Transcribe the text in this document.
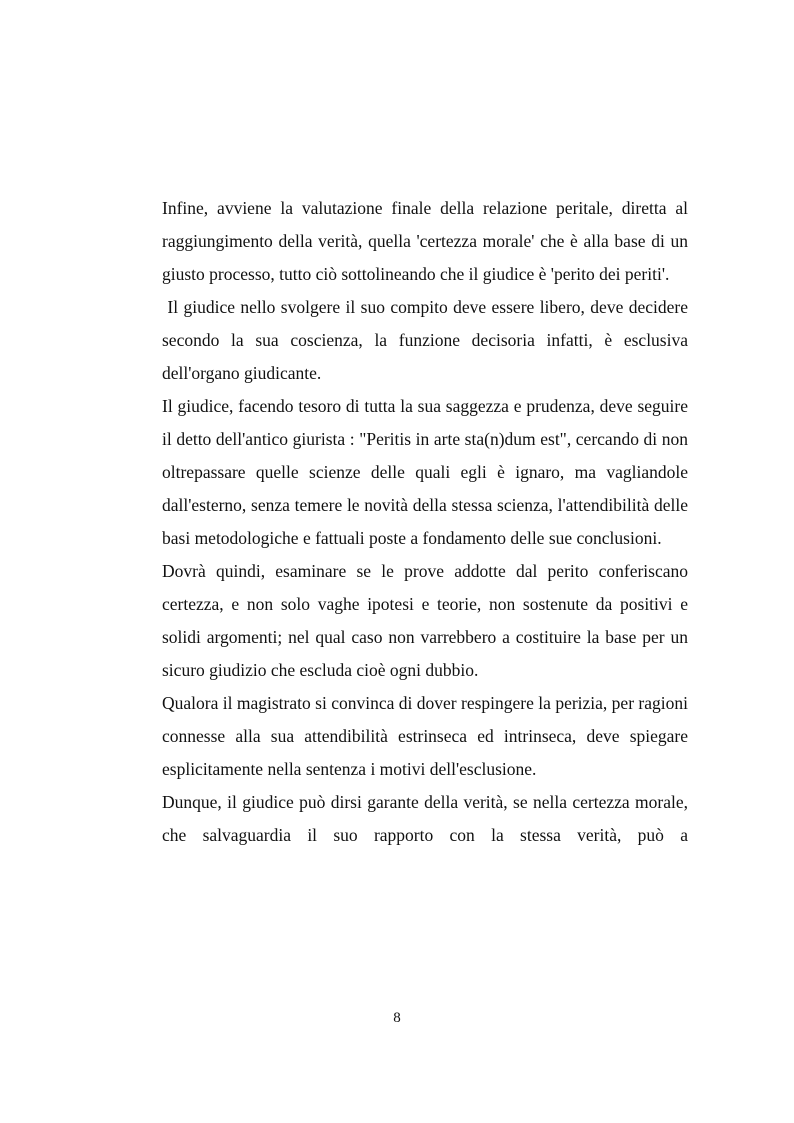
Infine, avviene la valutazione finale della relazione peritale, diretta al raggiungimento della verità, quella 'certezza morale' che è alla base di un giusto processo, tutto ciò sottolineando che il giudice è 'perito dei periti'.

Il giudice nello svolgere il suo compito deve essere libero, deve decidere secondo la sua coscienza, la funzione decisoria infatti, è esclusiva dell'organo giudicante.

Il giudice, facendo tesoro di tutta la sua saggezza e prudenza, deve seguire il detto dell'antico giurista : "Peritis in arte sta(n)dum est", cercando di non oltrepassare quelle scienze delle quali egli è ignaro, ma vagliandole dall'esterno, senza temere le novità della stessa scienza, l'attendibilità delle basi metodologiche e fattuali poste a fondamento delle sue conclusioni.

Dovrà quindi, esaminare se le prove addotte dal perito conferiscano certezza, e non solo vaghe ipotesi e teorie, non sostenute da positivi e solidi argomenti; nel qual caso non varrebbero a costituire la base per un sicuro giudizio che escluda cioè ogni dubbio.

Qualora il magistrato si convinca di dover respingere la perizia, per ragioni connesse alla sua attendibilità estrinseca ed intrinseca, deve spiegare esplicitamente nella sentenza i motivi dell'esclusione.

Dunque, il giudice può dirsi garante della verità, se nella certezza morale, che salvaguardia il suo rapporto con la stessa verità, può a

8
